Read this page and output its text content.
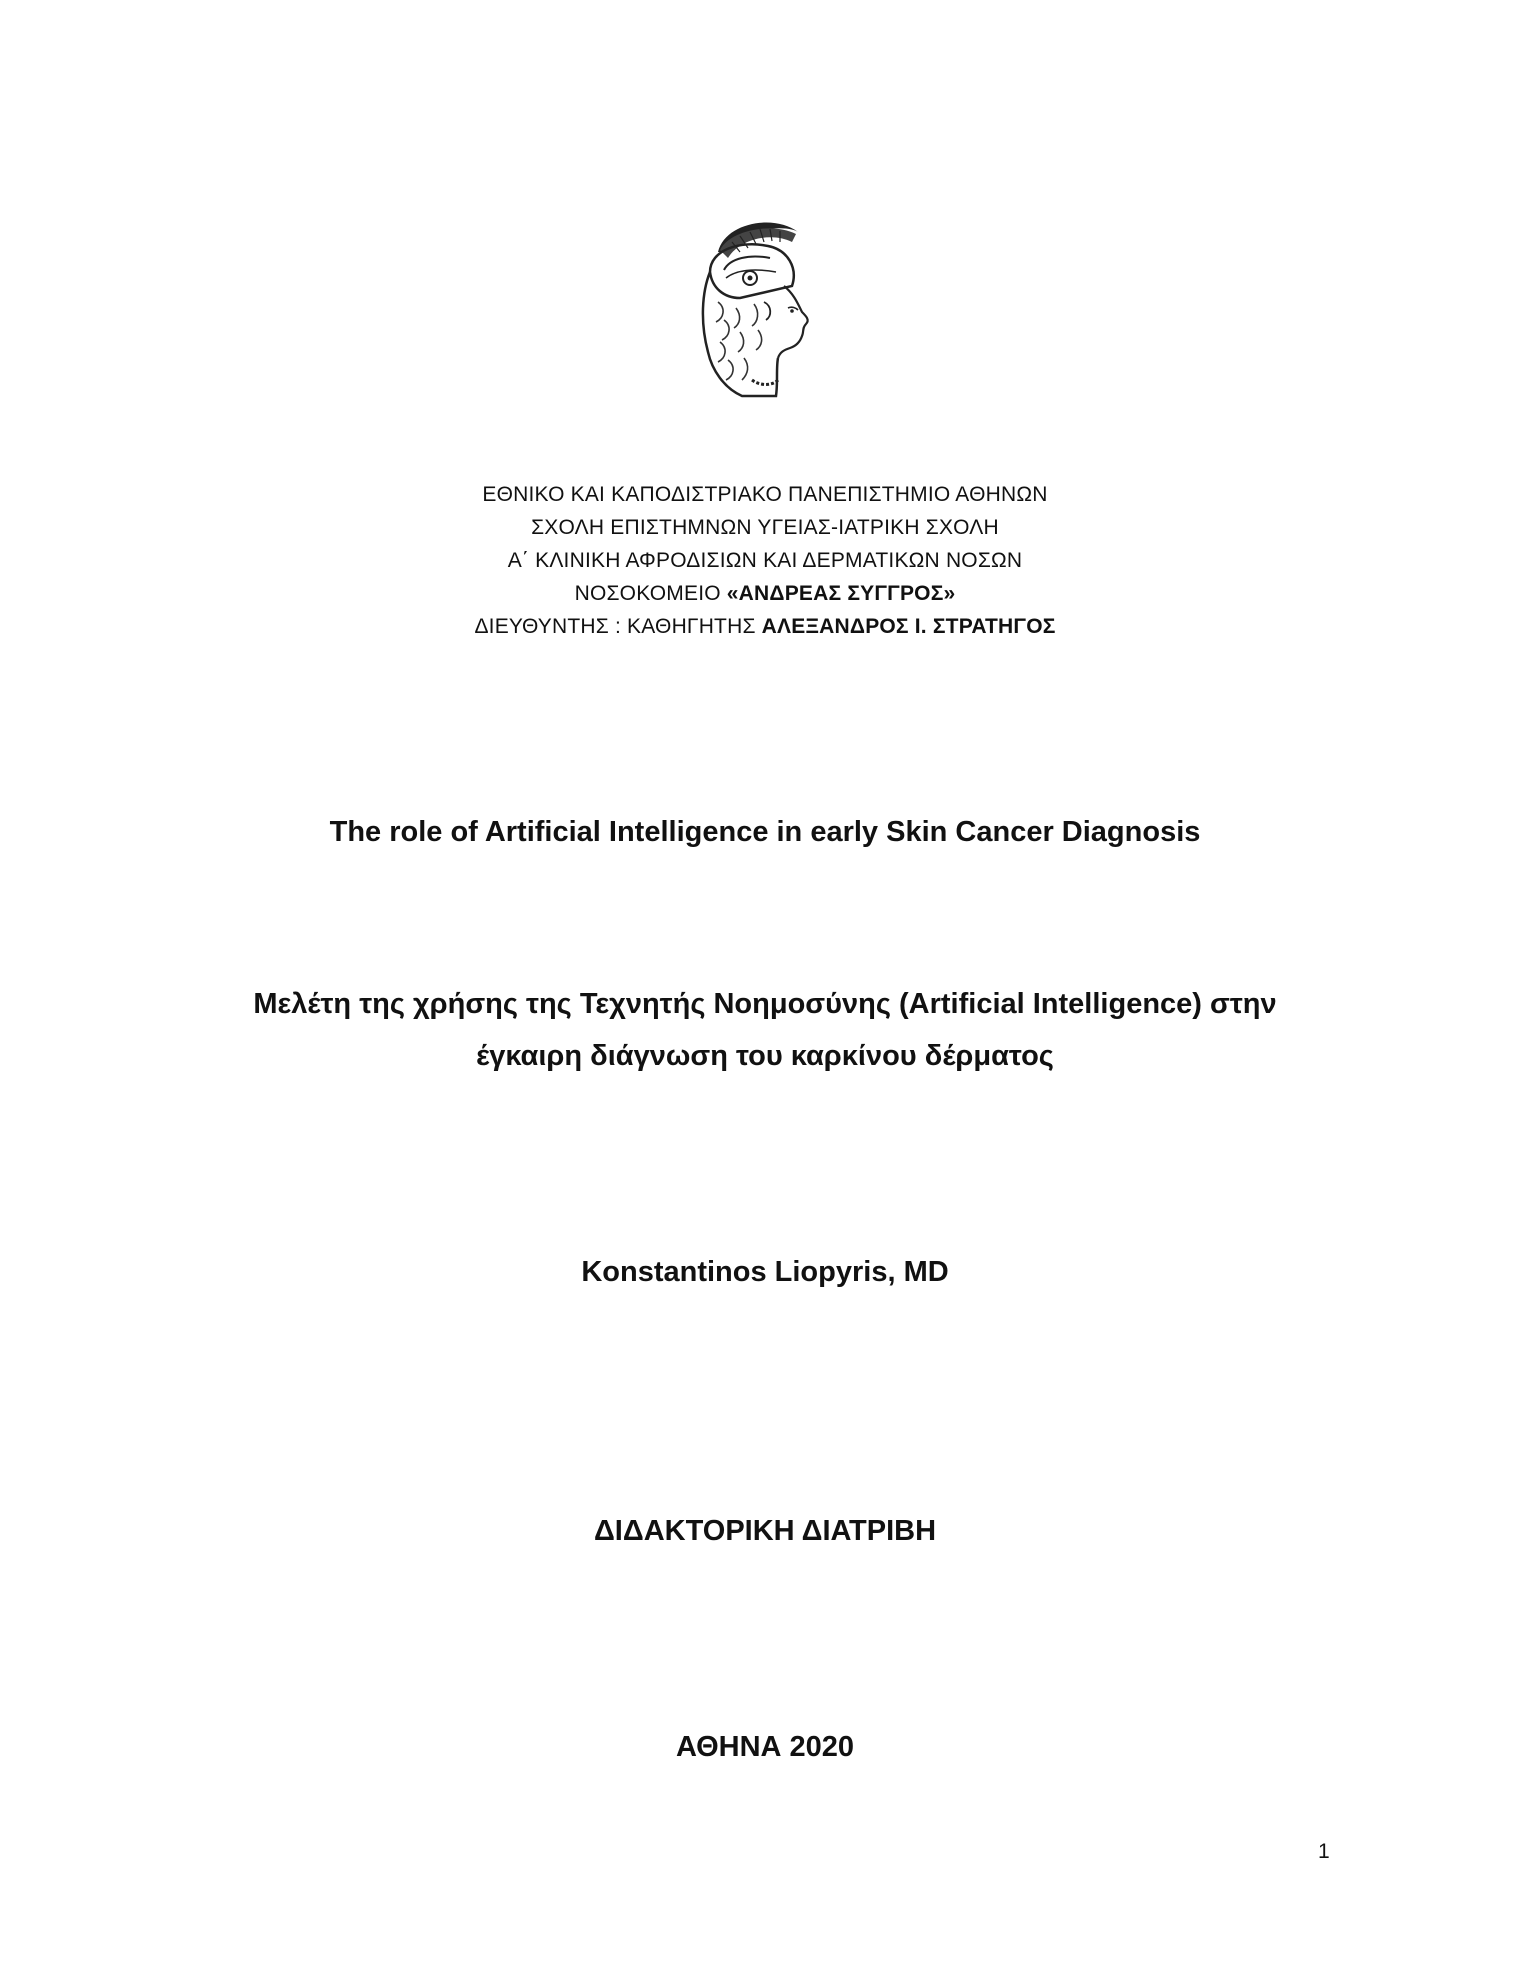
ΕΘΝΙΚΟ ΚΑΙ ΚΑΠΟΔΙΣΤΡΙΑΚΟ ΠΑΝΕΠΙΣΤΗΜΙΟ ΑΘΗΝΩΝ
ΣΧΟΛΗ ΕΠΙΣΤΗΜΝΩΝ ΥΓΕΙΑΣ-ΙΑΤΡΙΚΗ ΣΧΟΛΗ
Α΄ ΚΛΙΝΙΚΗ ΑΦΡΟΔΙΣΙΩΝ ΚΑΙ ΔΕΡΜΑΤΙΚΩΝ ΝΟΣΩΝ
ΝΟΣΟΚΟΜΕΙΟ «ΑΝΔΡΕΑΣ ΣΥΓΓΡΟΣ»
ΔΙΕΥΘΥΝΤΗΣ : ΚΑΘΗΓΗΤΗΣ ΑΛΕΞΑΝΔΡΟΣ Ι. ΣΤΡΑΤΗΓΟΣ
The role of Artificial Intelligence in early Skin Cancer Diagnosis
Μελέτη της χρήσης της Τεχνητής Νοημοσύνης (Artificial Intelligence) στην
έγκαιρη διάγνωση του καρκίνου δέρματος
Konstantinos Liopyris, MD
ΔΙΔΑΚΤΟΡΙΚΗ ΔΙΑΤΡΙΒΗ
ΑΘΗΝΑ 2020
1
